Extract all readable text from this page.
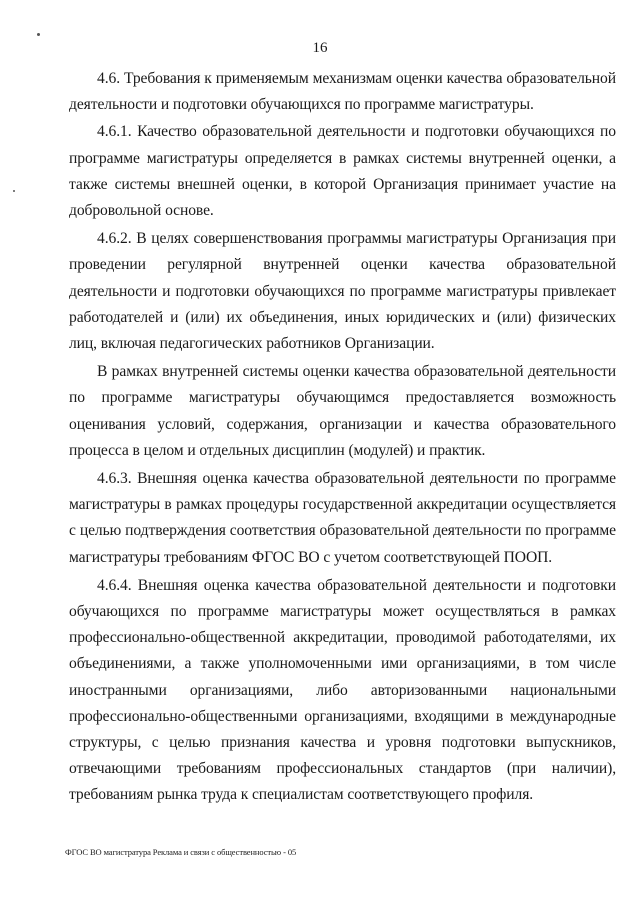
16

4.6. Требования к применяемым механизмам оценки качества образовательной деятельности и подготовки обучающихся по программе магистратуры.

4.6.1. Качество образовательной деятельности и подготовки обучающихся по программе магистратуры определяется в рамках системы внутренней оценки, а также системы внешней оценки, в которой Организация принимает участие на добровольной основе.

4.6.2. В целях совершенствования программы магистратуры Организация при проведении регулярной внутренней оценки качества образовательной деятельности и подготовки обучающихся по программе магистратуры привлекает работодателей и (или) их объединения, иных юридических и (или) физических лиц, включая педагогических работников Организации.

В рамках внутренней системы оценки качества образовательной деятельности по программе магистратуры обучающимся предоставляется возможность оценивания условий, содержания, организации и качества образовательного процесса в целом и отдельных дисциплин (модулей) и практик.

4.6.3. Внешняя оценка качества образовательной деятельности по программе магистратуры в рамках процедуры государственной аккредитации осуществляется с целью подтверждения соответствия образовательной деятельности по программе магистратуры требованиям ФГОС ВО с учетом соответствующей ПООП.

4.6.4. Внешняя оценка качества образовательной деятельности и подготовки обучающихся по программе магистратуры может осуществляться в рамках профессионально-общественной аккредитации, проводимой работодателями, их объединениями, а также уполномоченными ими организациями, в том числе иностранными организациями, либо авторизованными национальными профессионально-общественными организациями, входящими в международные структуры, с целью признания качества и уровня подготовки выпускников, отвечающими требованиям профессиональных стандартов (при наличии), требованиям рынка труда к специалистам соответствующего профиля.

ФГОС ВО магистратура Реклама и связи с общественностью - 05
